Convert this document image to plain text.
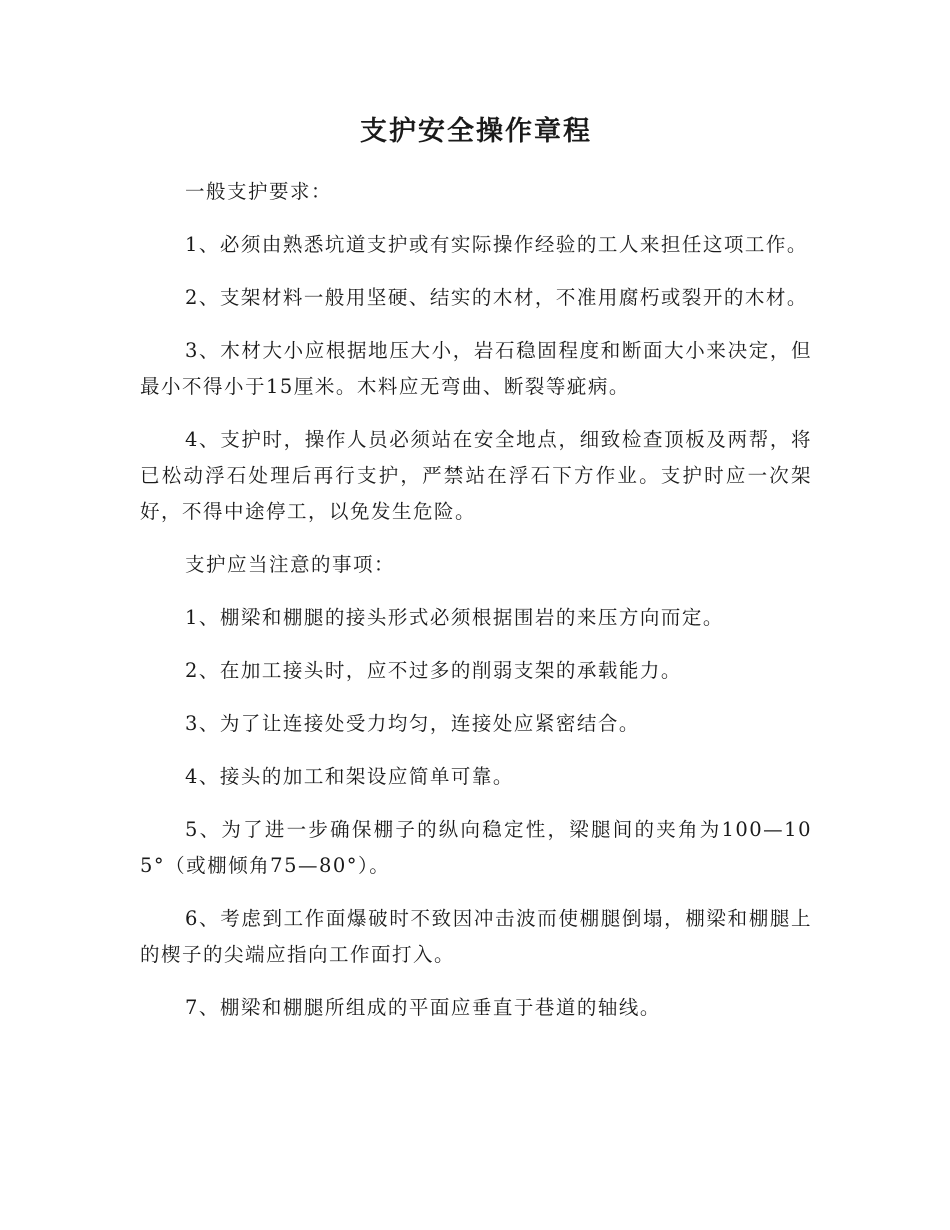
支护安全操作章程
一般支护要求：

1、必须由熟悉坑道支护或有实际操作经验的工人来担任这项工作。

2、支架材料一般用坚硬、结实的木材，不准用腐朽或裂开的木材。

3、木材大小应根据地压大小，岩石稳固程度和断面大小来决定，但最小不得小于15厘米。木料应无弯曲、断裂等疵病。

4、支护时，操作人员必须站在安全地点，细致检查顶板及两帮，将已松动浮石处理后再行支护，严禁站在浮石下方作业。支护时应一次架好，不得中途停工，以免发生危险。

支护应当注意的事项：

1、棚梁和棚腿的接头形式必须根据围岩的来压方向而定。

2、在加工接头时，应不过多的削弱支架的承载能力。

3、为了让连接处受力均匀，连接处应紧密结合。

4、接头的加工和架设应简单可靠。

5、为了进一步确保棚子的纵向稳定性，梁腿间的夹角为100—105°（或棚倾角75—80°）。

6、考虑到工作面爆破时不致因冲击波而使棚腿倒塌，棚梁和棚腿上的楔子的尖端应指向工作面打入。

7、棚梁和棚腿所组成的平面应垂直于巷道的轴线。
